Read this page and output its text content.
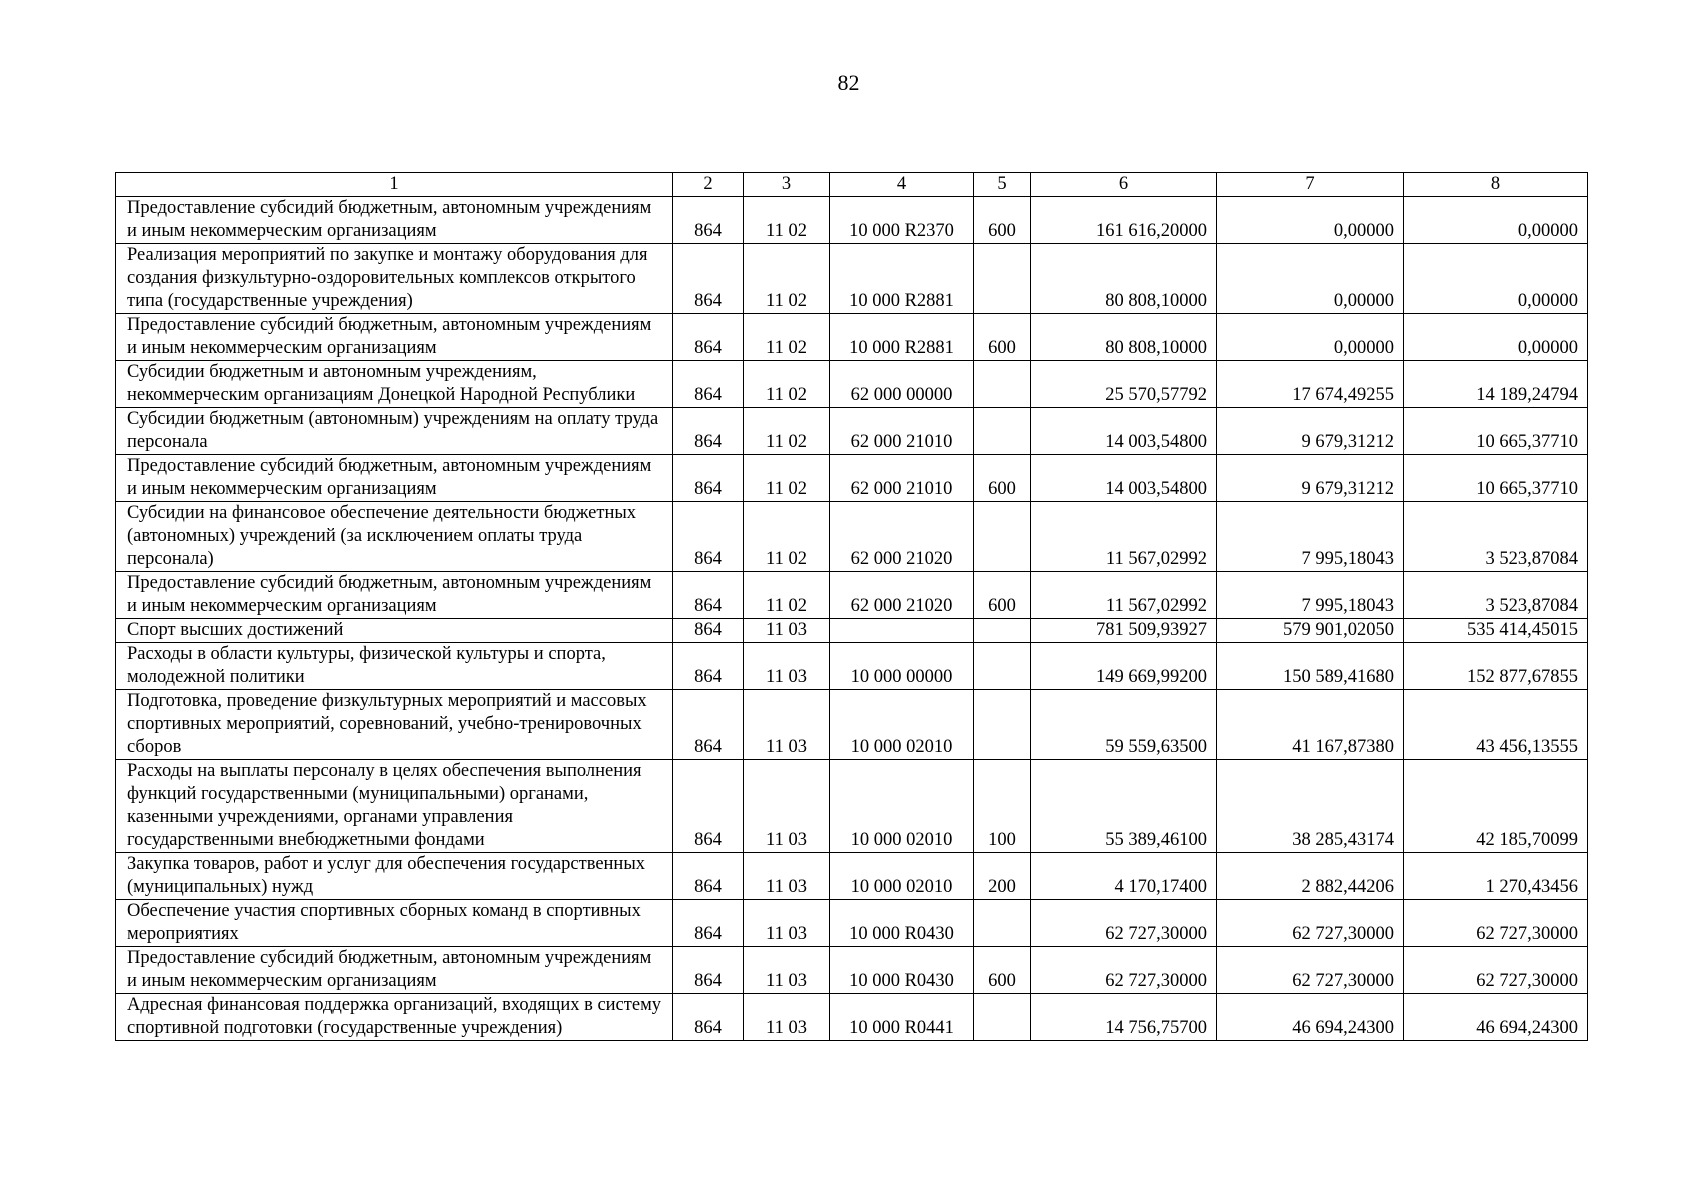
82
1	2	3	4	5	6	7	8
Предоставление субсидий бюджетным, автономным учреждениям и иным некоммерческим организациям	864	11 02	10 000 R2370	600	161 616,20000	0,00000	0,00000
Реализация мероприятий по закупке и монтажу оборудования для создания физкультурно-оздоровительных комплексов открытого типа (государственные учреждения)	864	11 02	10 000 R2881		80 808,10000	0,00000	0,00000
Предоставление субсидий бюджетным, автономным учреждениям и иным некоммерческим организациям	864	11 02	10 000 R2881	600	80 808,10000	0,00000	0,00000
Субсидии бюджетным и автономным учреждениям, некоммерческим организациям Донецкой Народной Республики	864	11 02	62 000 00000		25 570,57792	17 674,49255	14 189,24794
Субсидии бюджетным (автономным) учреждениям на оплату труда персонала	864	11 02	62 000 21010		14 003,54800	9 679,31212	10 665,37710
Предоставление субсидий бюджетным, автономным учреждениям и иным некоммерческим организациям	864	11 02	62 000 21010	600	14 003,54800	9 679,31212	10 665,37710
Субсидии на финансовое обеспечение деятельности бюджетных (автономных) учреждений (за исключением оплаты труда персонала)	864	11 02	62 000 21020		11 567,02992	7 995,18043	3 523,87084
Предоставление субсидий бюджетным, автономным учреждениям и иным некоммерческим организациям	864	11 02	62 000 21020	600	11 567,02992	7 995,18043	3 523,87084
Спорт высших достижений	864	11 03			781 509,93927	579 901,02050	535 414,45015
Расходы в области культуры, физической культуры и спорта, молодежной политики	864	11 03	10 000 00000		149 669,99200	150 589,41680	152 877,67855
Подготовка, проведение физкультурных мероприятий и массовых спортивных мероприятий, соревнований, учебно-тренировочных сборов	864	11 03	10 000 02010		59 559,63500	41 167,87380	43 456,13555
Расходы на выплаты персоналу в целях обеспечения выполнения функций государственными (муниципальными) органами, казенными учреждениями, органами управления государственными внебюджетными фондами	864	11 03	10 000 02010	100	55 389,46100	38 285,43174	42 185,70099
Закупка товаров, работ и услуг для обеспечения государственных (муниципальных) нужд	864	11 03	10 000 02010	200	4 170,17400	2 882,44206	1 270,43456
Обеспечение участия спортивных сборных команд в спортивных мероприятиях	864	11 03	10 000 R0430		62 727,30000	62 727,30000	62 727,30000
Предоставление субсидий бюджетным, автономным учреждениям и иным некоммерческим организациям	864	11 03	10 000 R0430	600	62 727,30000	62 727,30000	62 727,30000
Адресная финансовая поддержка организаций, входящих в систему спортивной подготовки (государственные учреждения)	864	11 03	10 000 R0441		14 756,75700	46 694,24300	46 694,24300
